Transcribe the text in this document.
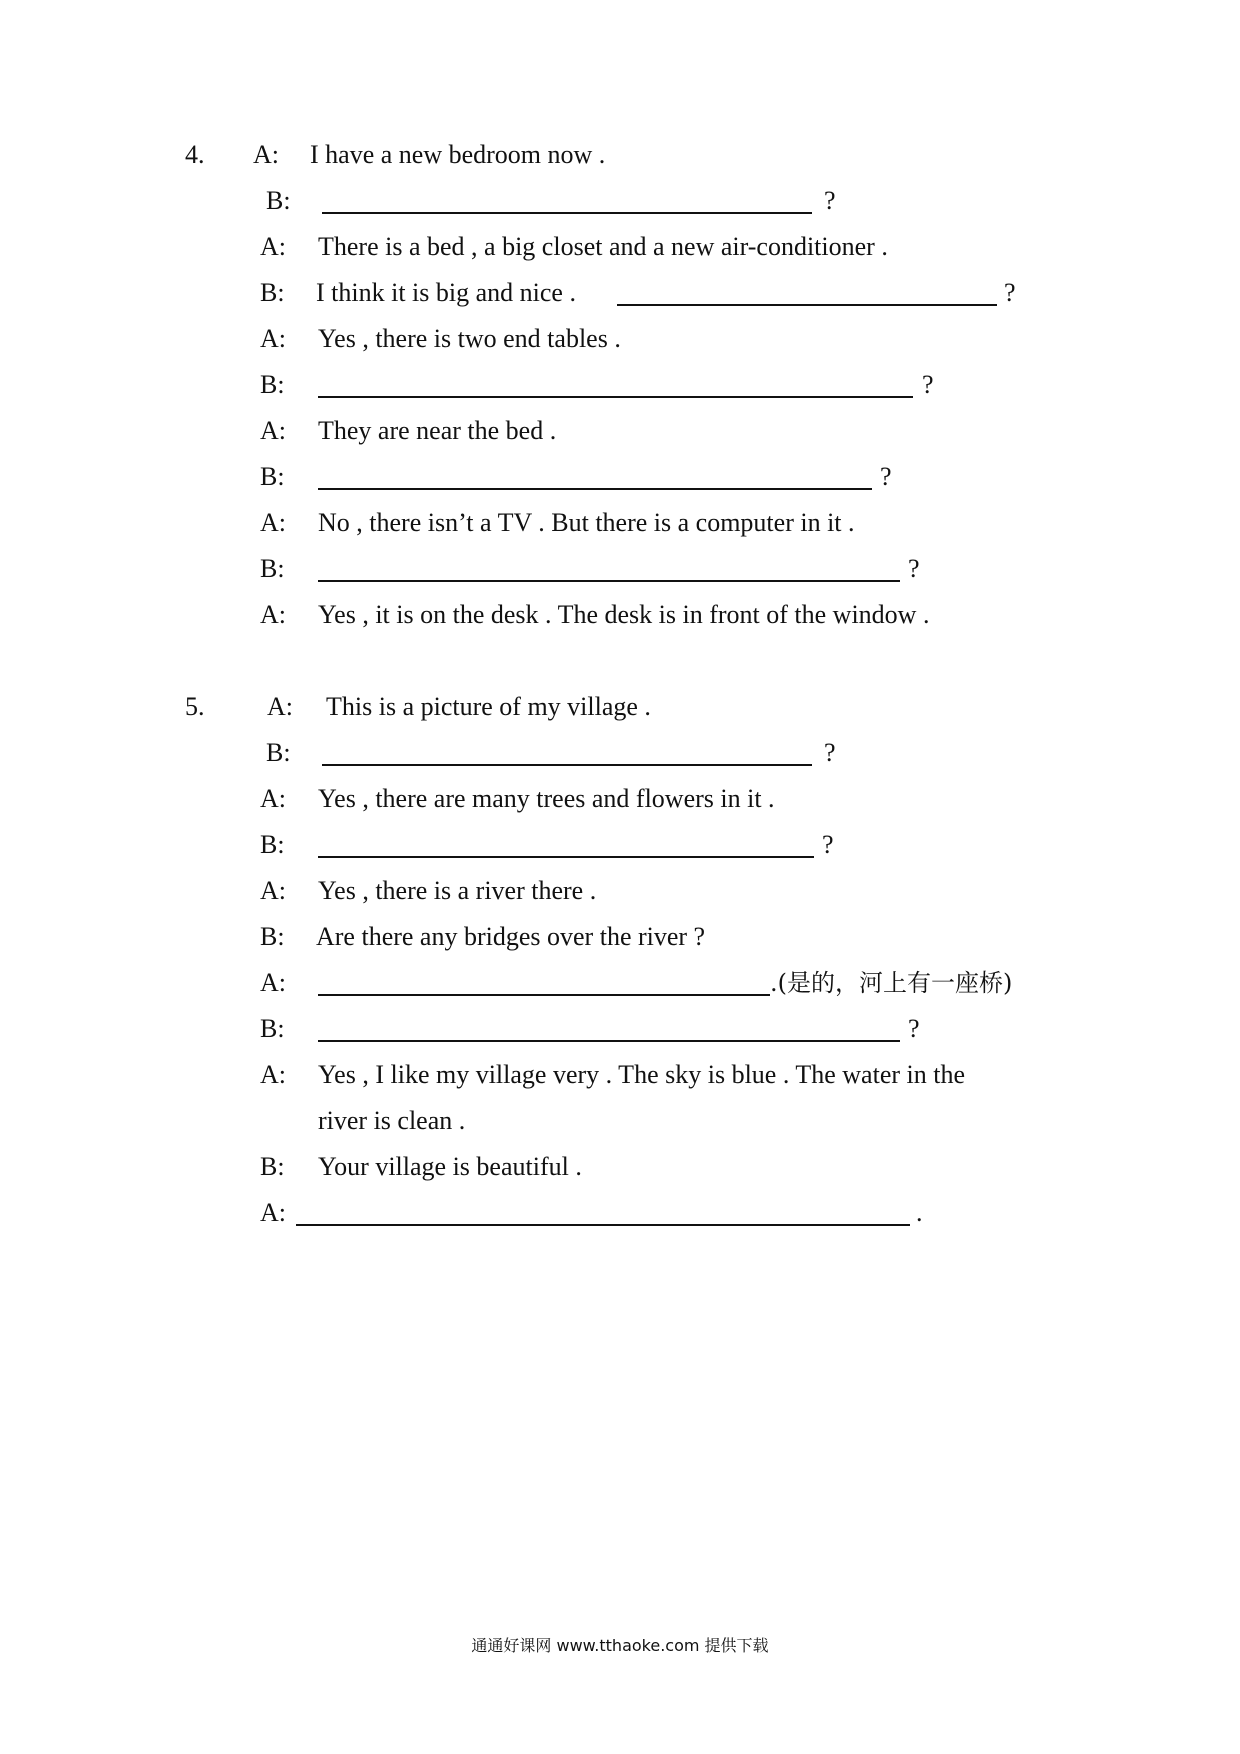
4. A: I have a new bedroom now .
B:	?
A: There is a bed , a big closet and a new air-conditioner .
B: I think it is big and nice .	?
A: Yes , there is two end tables .
B:	?
A: They are near the bed .
B:	?
A: No , there isn’t a TV . But there is a computer in it .
B:	?
A: Yes , it is on the desk . The desk is in front of the window .
5. A: This is a picture of my village .
B:	?
A: Yes , there are many trees and flowers in it .
B:	?
A: Yes , there is a river there .
B: Are there any bridges over the river ?
A:	.(是的，河上有一座桥)
B:	?
A: Yes , I like my village very . The sky is blue . The water in the
river is clean .
B: Your village is beautiful .
A:	.
通通好课网 www.tthaoke.com 提供下载
